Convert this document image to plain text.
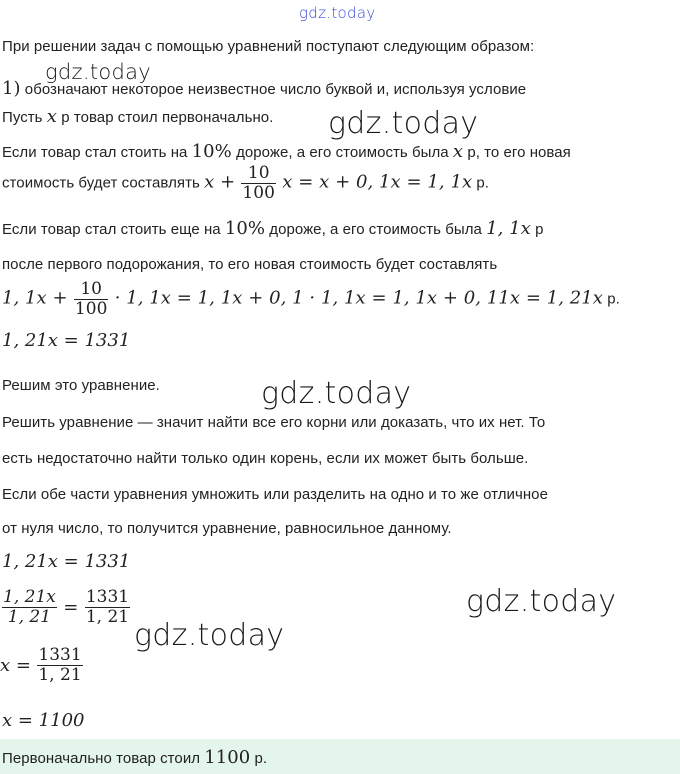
gdz.today
gdz.today
gdz.today
gdz.today
gdz.today
gdz.today
При решении задач с помощью уравнений поступают следующим образом:
1) обозначают некоторое неизвестное число буквой и, используя условие
Пусть x р товар стоил первоначально.
Если товар стал стоить на 10% дороже, а его стоимость была x р, то его новая
стоимость будет составлять $x + \frac{10}{100}$ x = x + 0, 1x = 1, 1x р.
Если товар стал стоить еще на 10% дороже, а его стоимость была 1, 1x р
после первого подорожания, то его новая стоимость будет составлять
1, $1x + \frac{10}{100} \cdot 1$, 1x = 1, 1x + 0, 1 · 1, 1x = 1, 1x + 0, 11x = 1, 21x р.
1, 21x = 1331
Решим это уравнение.
Решить уравнение — значит найти все его корни или доказать, что их нет. То
есть недостаточно найти только один корень, если их может быть больше.
Если обе части уравнения умножить или разделить на одно и то же отличное
от нуля число, то получится уравнение, равносильное данному.
1, 21x = 1331
$\frac{1, 21x}{1, 21} = \frac{1331}{1, 21}$
$x = \frac{1331}{1, 21}$
x = 1100
Первоначально товар стоил 1100 р.
